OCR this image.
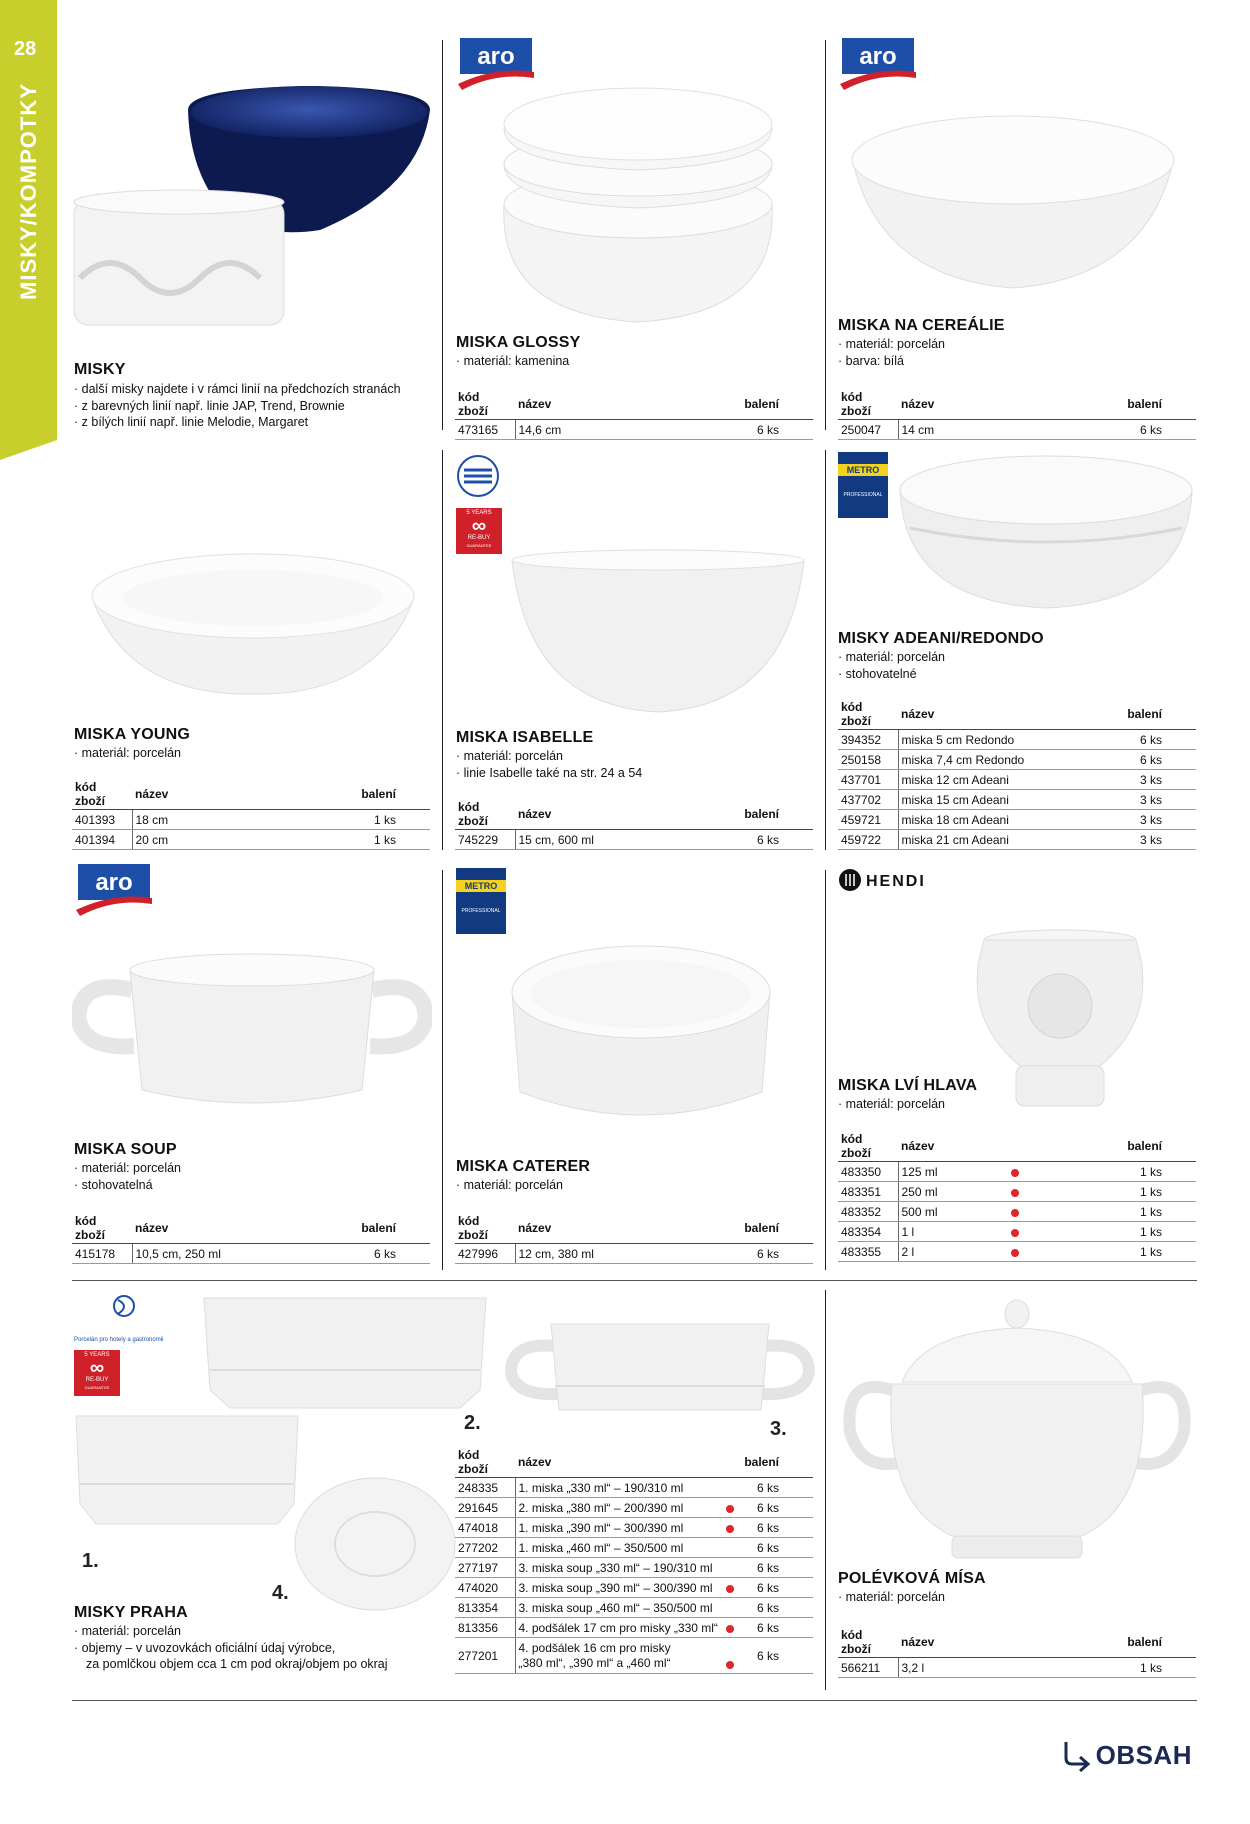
28
MISKY/KOMPOTKY
MISKY
· další misky najdete i v rámci linií na předchozích stranách
· z barevných linií např. linie JAP, Trend, Brownie
· z bílých linií např. linie Melodie, Margaret
aro
MISKA GLOSSY
· materiál: kamenina
kód zboží	název	balení
473165	14,6 cm	6 ks
aro
MISKA NA CEREÁLIE
· materiál: porcelán
· barva: bílá
kód zboží	název	balení
250047	14 cm	6 ks
MISKA YOUNG
· materiál: porcelán
kód zboží	název	balení
401393	18 cm	1 ks
401394	20 cm	1 ks
5 YEARS
∞
RE-BUY
GUARANTEE
MISKA ISABELLE
· materiál: porcelán
· linie Isabelle také na str. 24 a 54
kód zboží	název	balení
745229	15 cm, 600 ml	6 ks
METRO
PROFESSIONAL
MISKY ADEANI/REDONDO
· materiál: porcelán
· stohovatelné
kód zboží	název	balení
394352	miska 5 cm Redondo	6 ks
250158	miska 7,4 cm Redondo	6 ks
437701	miska 12 cm Adeani	3 ks
437702	miska 15 cm Adeani	3 ks
459721	miska 18 cm Adeani	3 ks
459722	miska 21 cm Adeani	3 ks
aro
MISKA SOUP
· materiál: porcelán
· stohovatelná
kód zboží	název	balení
415178	10,5 cm, 250 ml	6 ks
METRO
PROFESSIONAL
MISKA CATERER
· materiál: porcelán
kód zboží	název	balení
427996	12 cm, 380 ml	6 ks
HENDI
MISKA LVÍ HLAVA
· materiál: porcelán
kód zboží	název	balení
483350	125 ml	1 ks
483351	250 ml	1 ks
483352	500 ml	1 ks
483354	1 l	1 ks
483355	2 l	1 ks
Porcelán pro hotely a gastronomii
5 YEARS
∞
RE-BUY
GUARANTEE
2.	3.
1.
4.
MISKY PRAHA
· materiál: porcelán
· objemy – v uvozovkách oficiální údaj výrobce,
za pomlčkou objem cca 1 cm pod okraj/objem po okraj
kód zboží	název	balení
248335	1. miska „330 ml“ – 190/310 ml	6 ks
291645	2. miska „380 ml“ – 200/390 ml	6 ks
474018	1. miska „390 ml“ – 300/390 ml	6 ks
277202	1. miska „460 ml“ – 350/500 ml	6 ks
277197	3. miska soup „330 ml“ – 190/310 ml	6 ks
474020	3. miska soup „390 ml“ – 300/390 ml	6 ks
813354	3. miska soup „460 ml“ – 350/500 ml	6 ks
813356	4. podšálek 17 cm pro misky „330 ml“	6 ks
277201	4. podšálek 16 cm pro misky
„380 ml“, „390 ml“ a „460 ml“	6 ks
POLÉVKOVÁ MÍSA
· materiál: porcelán
kód zboží	název	balení
566211	3,2 l	1 ks
OBSAH
